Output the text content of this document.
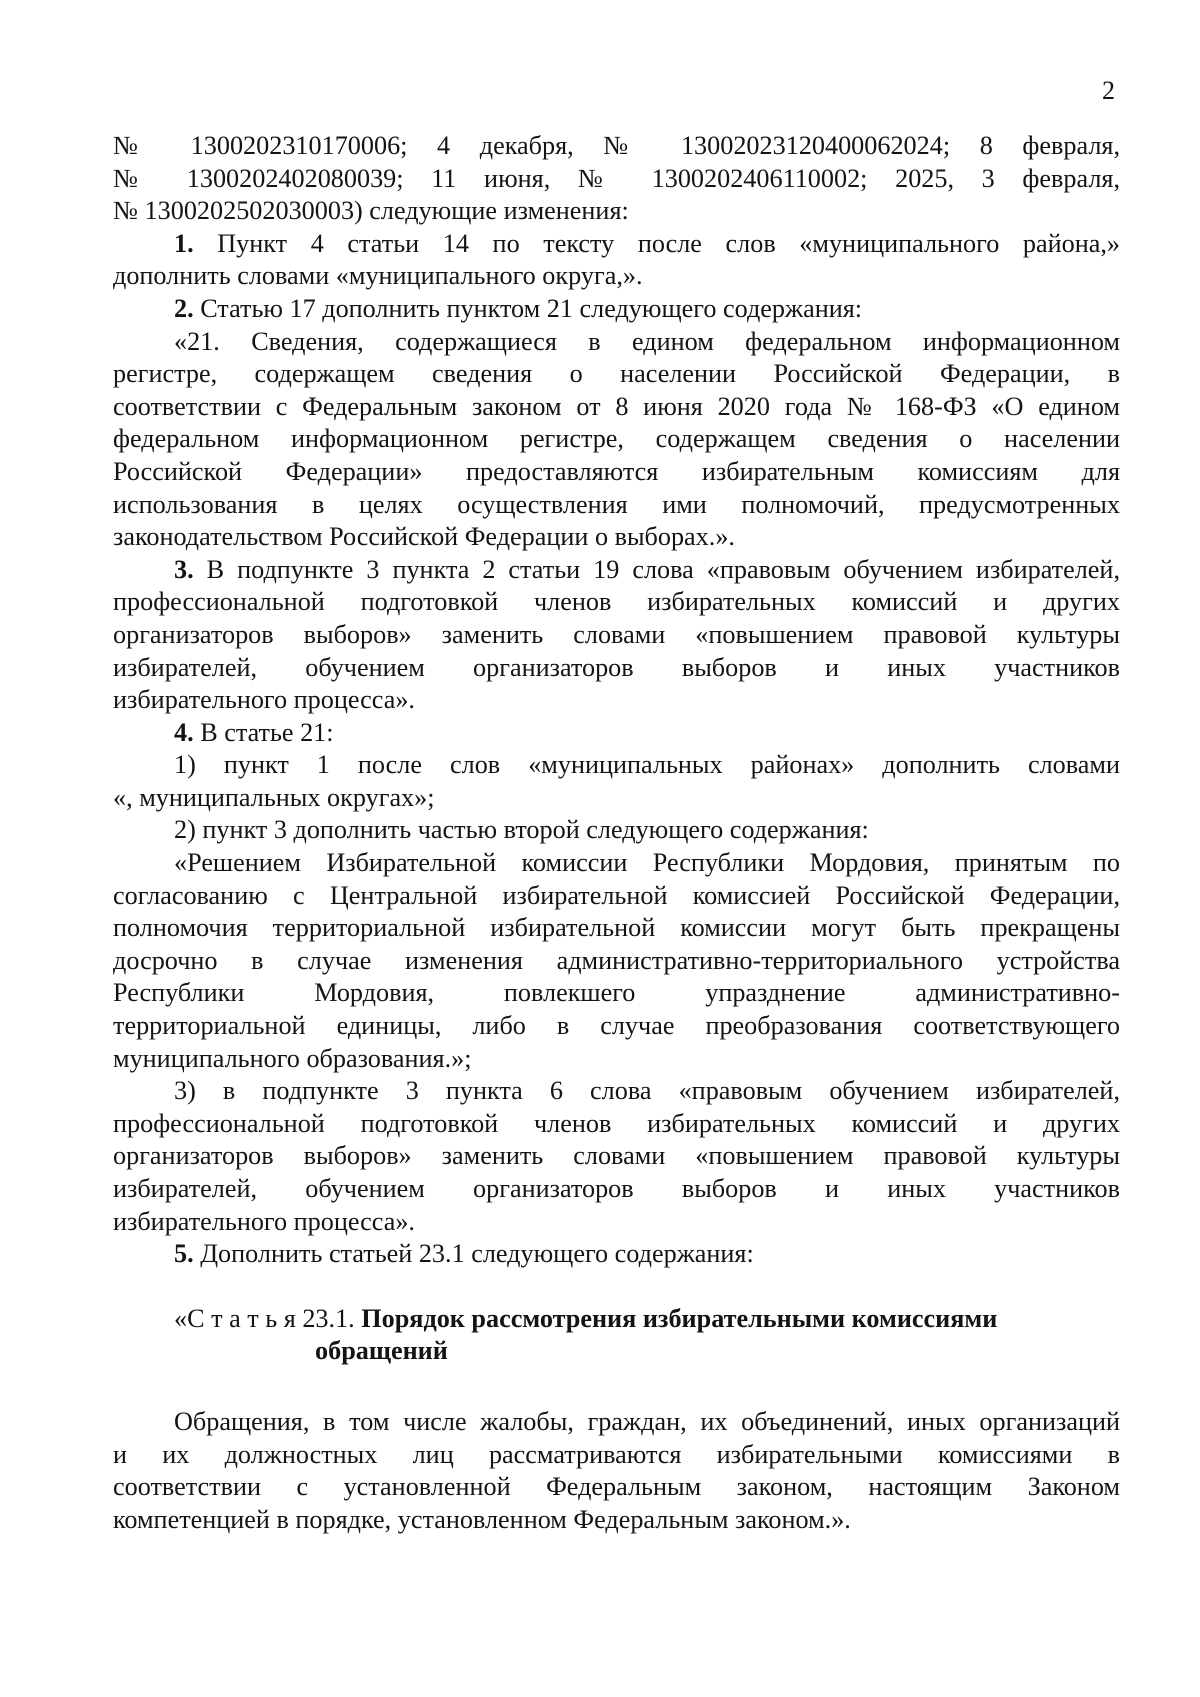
2

№ 1300202310170006; 4 декабря, № 13002023120400062024; 8 февраля,

№ 1300202402080039; 11 июня, № 1300202406110002; 2025, 3 февраля,

№ 1300202502030003) следующие изменения:

1. Пункт 4 статьи 14 по тексту после слов «муниципального района,»

дополнить словами «муниципального округа,».

2. Статью 17 дополнить пунктом 21 следующего содержания:

«21. Сведения, содержащиеся в едином федеральном информационном

регистре, содержащем сведения о населении Российской Федерации, в

соответствии с Федеральным законом от 8 июня 2020 года № 168-ФЗ «О едином

федеральном информационном регистре, содержащем сведения о населении

Российской Федерации» предоставляются избирательным комиссиям для

использования в целях осуществления ими полномочий, предусмотренных

законодательством Российской Федерации о выборах.».

3. В подпункте 3 пункта 2 статьи 19 слова «правовым обучением избирателей,

профессиональной подготовкой членов избирательных комиссий и других

организаторов выборов» заменить словами «повышением правовой культуры

избирателей, обучением организаторов выборов и иных участников

избирательного процесса».

4. В статье 21:

1) пункт 1 после слов «муниципальных районах» дополнить словами

«, муниципальных округах»;

2) пункт 3 дополнить частью второй следующего содержания:

«Решением Избирательной комиссии Республики Мордовия, принятым по

согласованию с Центральной избирательной комиссией Российской Федерации,

полномочия территориальной избирательной комиссии могут быть прекращены

досрочно в случае изменения административно-территориального устройства

Республики Мордовия, повлекшего упразднение административно-

территориальной единицы, либо в случае преобразования соответствующего

муниципального образования.»;

3) в подпункте 3 пункта 6 слова «правовым обучением избирателей,

профессиональной подготовкой членов избирательных комиссий и других

организаторов выборов» заменить словами «повышением правовой культуры

избирателей, обучением организаторов выборов и иных участников

избирательного процесса».

5. Дополнить статьей 23.1 следующего содержания:

«С т а т ь я 23.1. Порядок рассмотрения избирательными комиссиями

обращений

Обращения, в том числе жалобы, граждан, их объединений, иных организаций

и их должностных лиц рассматриваются избирательными комиссиями в

соответствии с установленной Федеральным законом, настоящим Законом

компетенцией в порядке, установленном Федеральным законом.».
